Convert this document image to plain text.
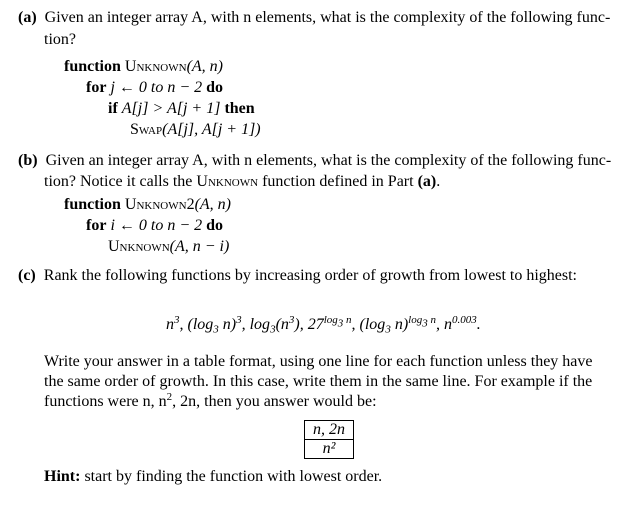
(a) Given an integer array A, with n elements, what is the complexity of the following func-
tion?
function Unknown(A, n)
for j ← 0 to n − 2 do
if A[j] > A[j + 1] then
Swap(A[j], A[j + 1])
(b) Given an integer array A, with n elements, what is the complexity of the following func-
tion? Notice it calls the Unknown function defined in Part (a).
function Unknown2(A, n)
for i ← 0 to n − 2 do
Unknown(A, n − i)
(c) Rank the following functions by increasing order of growth from lowest to highest:
$n^3$, ($\log_3$ n)$^3$, $\log_3(n^3)$, $27^{log_3 n}$, ($\log_3$ n)$^{log_3 n}$, $n^{0.003}$.
Write your answer in a table format, using one line for each function unless they have
the same order of growth. In this case, write them in the same line. For example if the
functions were n, $n^2$, 2n, then you answer would be:
n, 2n
n²
Hint: start by finding the function with lowest order.
